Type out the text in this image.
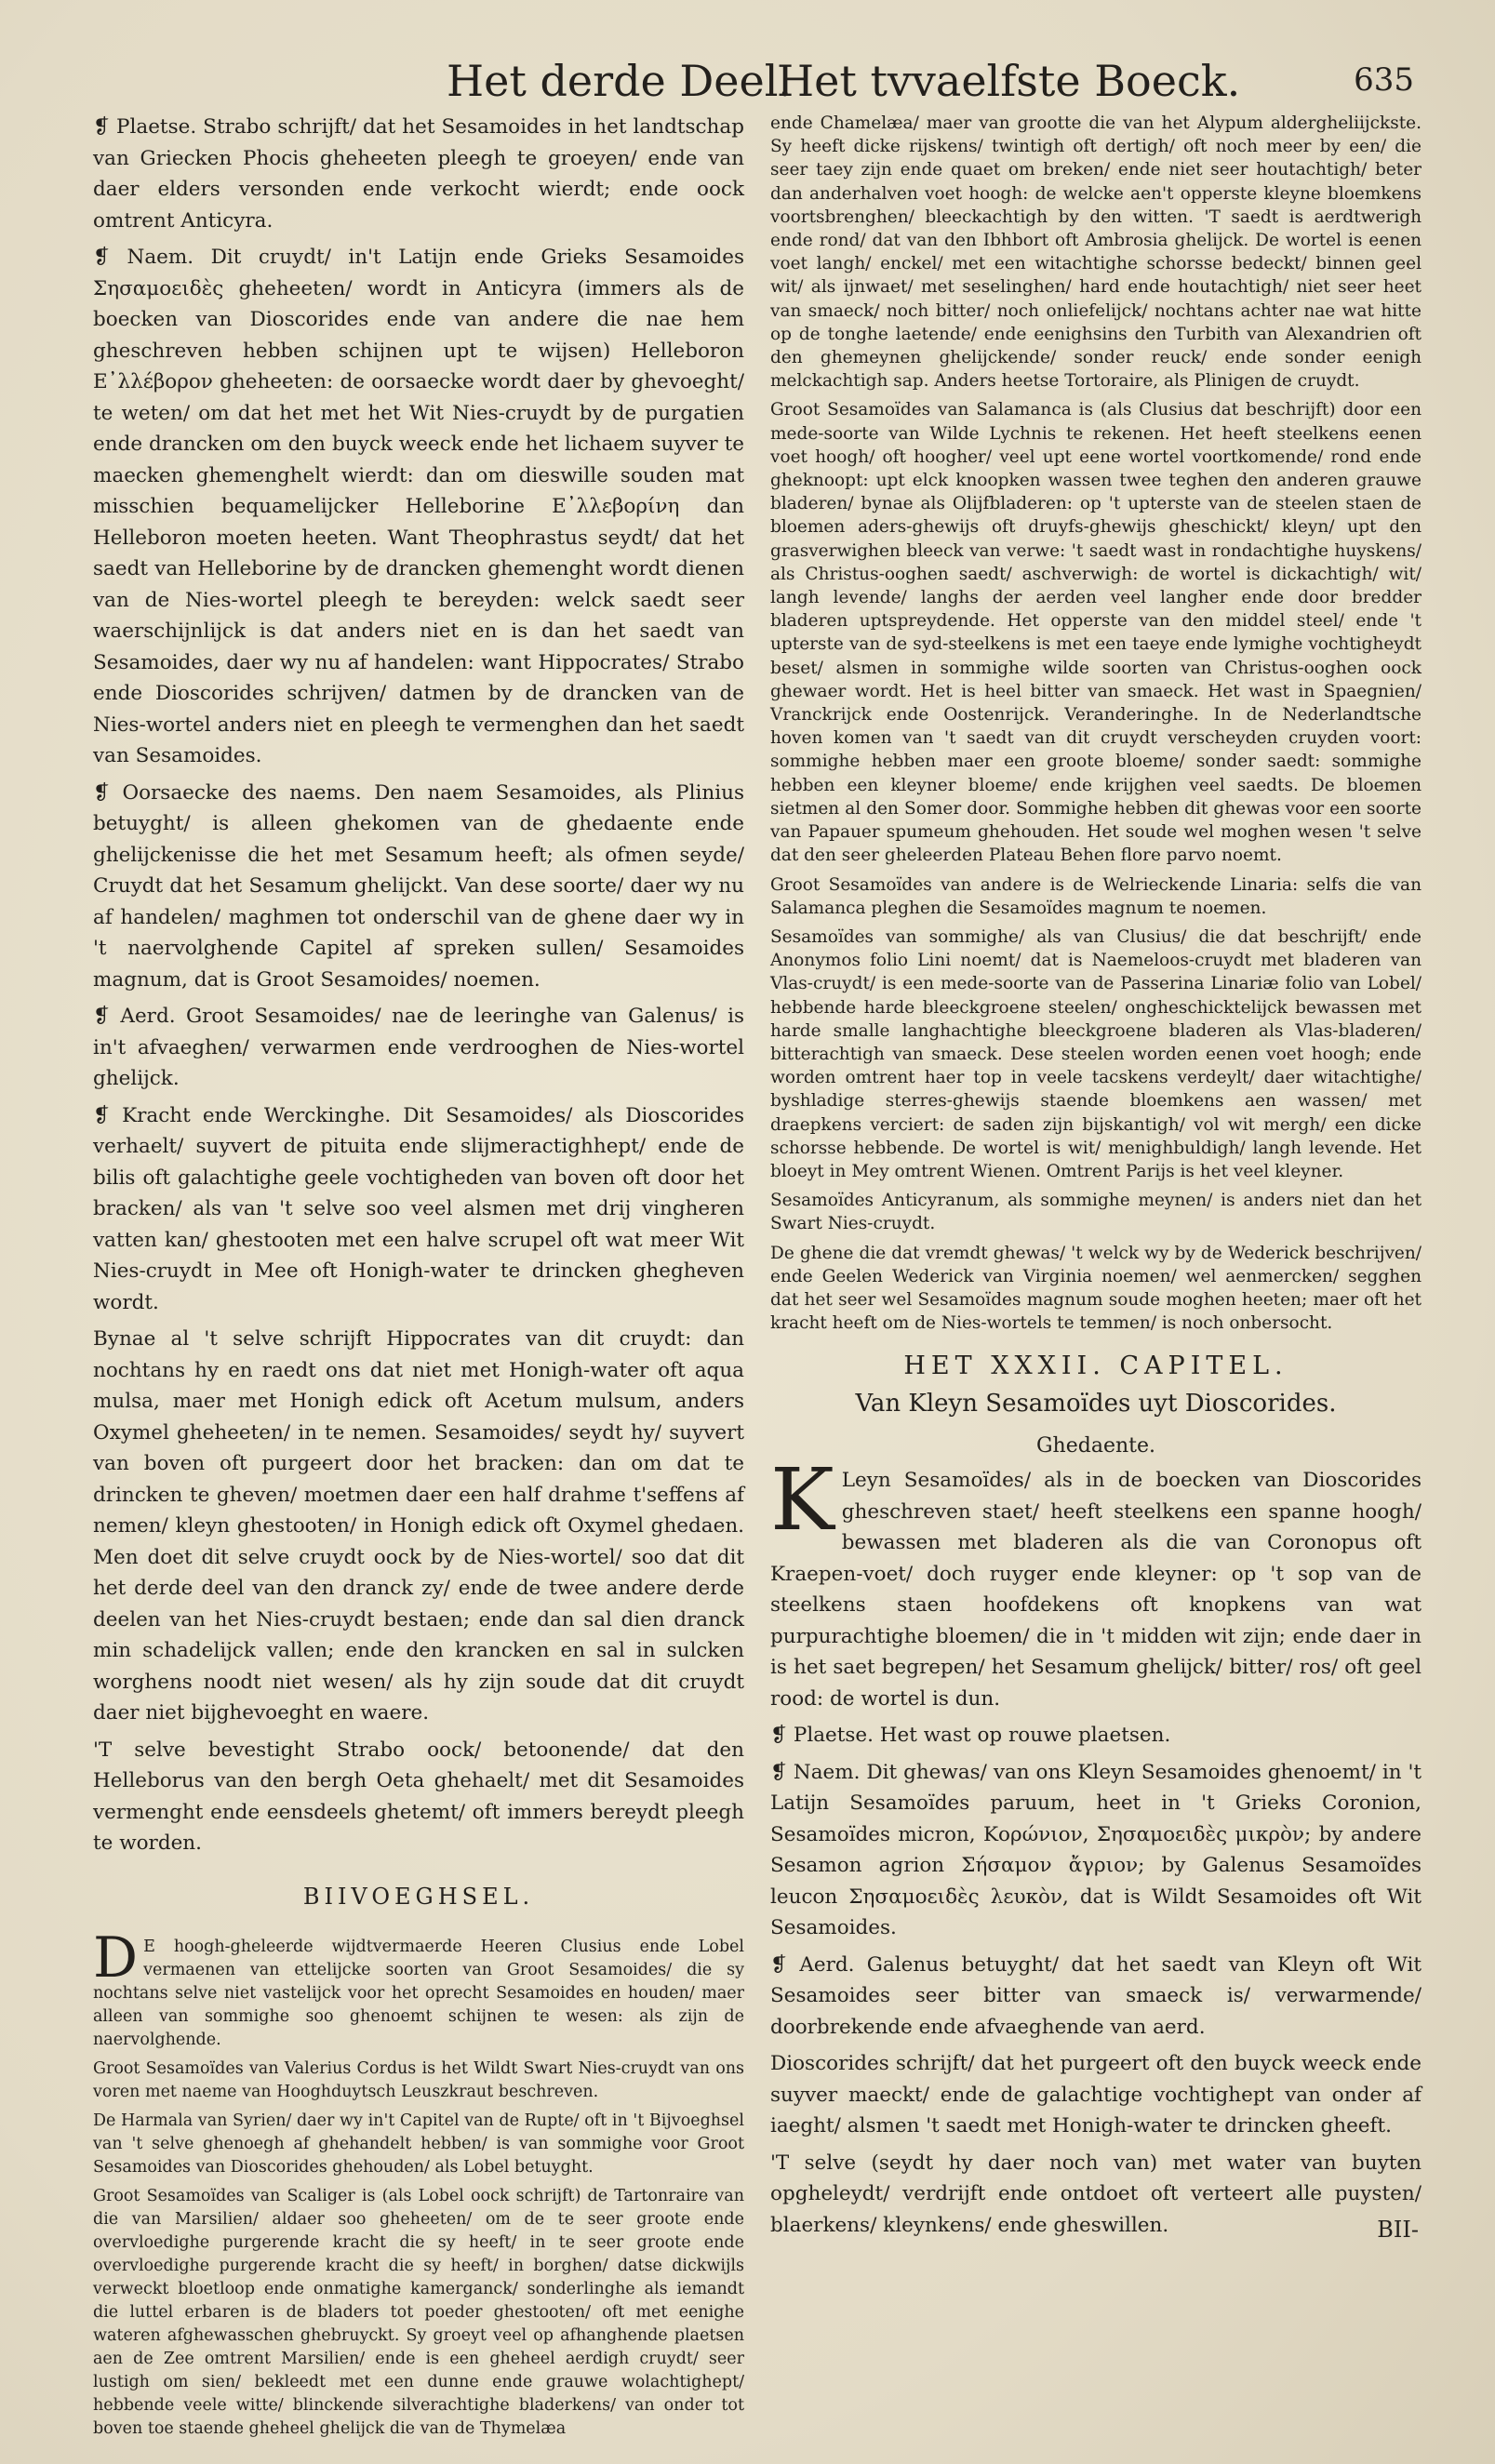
Het derde Deel.
Het tvvaelfste Boeck.	635

❡ Plaetse. Strabo schrijft/ dat het Sesamoides in het landtschap van Griecken Phocis gheheeten pleegh te groeyen/ ende van daer elders versonden ende verkocht wierdt; ende oock omtrent Anticyra.

❡ Naem. Dit cruydt/ in't Latijn ende Grieks Sesamoides Σησαμοειδὲς gheheeten/ wordt in Anticyra (immers als de boecken van Dioscorides ende van andere die nae hem gheschreven hebben schijnen upt te wijsen) Helleboron Ε᾽λλέβορον gheheeten: de oorsaecke wordt daer by ghevoeght/ te weten/ om dat het met het Wit Nies-cruydt by de purgatien ende drancken om den buyck weeck ende het lichaem suyver te maecken ghemenghelt wierdt: dan om dieswille souden mat misschien bequamelijcker Helleborine Ε᾽λλεβορίνη dan Helleboron moeten heeten. Want Theophrastus seydt/ dat het saedt van Helleborine by de drancken ghemenght wordt dienen van de Nies-wortel pleegh te bereyden: welck saedt seer waerschijnlijck is dat anders niet en is dan het saedt van Sesamoides, daer wy nu af handelen: want Hippocrates/ Strabo ende Dioscorides schrijven/ datmen by de drancken van de Nies-wortel anders niet en pleegh te vermenghen dan het saedt van Sesamoides.

❡ Oorsaecke des naems. Den naem Sesamoides, als Plinius betuyght/ is alleen ghekomen van de ghedaente ende ghelijckenisse die het met Sesamum heeft; als ofmen seyde/ Cruydt dat het Sesamum ghelijckt. Van dese soorte/ daer wy nu af handelen/ maghmen tot onderschil van de ghene daer wy in 't naervolghende Capitel af spreken sullen/ Sesamoides magnum, dat is Groot Sesamoides/ noemen.

❡ Aerd. Groot Sesamoides/ nae de leeringhe van Galenus/ is in't afvaeghen/ verwarmen ende verdrooghen de Nies-wortel ghelijck.

❡ Kracht ende Werckinghe. Dit Sesamoides/ als Dioscorides verhaelt/ suyvert de pituita ende slijmeractighhept/ ende de bilis oft galachtighe geele vochtigheden van boven oft door het bracken/ als van 't selve soo veel alsmen met drij vingheren vatten kan/ ghestooten met een halve scrupel oft wat meer Wit Nies-cruydt in Mee oft Honigh-water te drincken ghegheven wordt.

Bynae al 't selve schrijft Hippocrates van dit cruydt: dan nochtans hy en raedt ons dat niet met Honigh-water oft aqua mulsa, maer met Honigh edick oft Acetum mulsum, anders Oxymel gheheeten/ in te nemen. Sesamoides/ seydt hy/ suyvert van boven oft purgeert door het bracken: dan om dat te drincken te gheven/ moetmen daer een half drahme t'seffens af nemen/ kleyn ghestooten/ in Honigh edick oft Oxymel ghedaen. Men doet dit selve cruydt oock by de Nies-wortel/ soo dat dit het derde deel van den dranck zy/ ende de twee andere derde deelen van het Nies-cruydt bestaen; ende dan sal dien dranck min schadelijck vallen; ende den krancken en sal in sulcken worghens noodt niet wesen/ als hy zijn soude dat dit cruydt daer niet bijghevoeght en waere.

'T selve bevestight Strabo oock/ betoonende/ dat den Helleborus van den bergh Oeta ghehaelt/ met dit Sesamoides vermenght ende eensdeels ghetemt/ oft immers bereydt pleegh te worden.

BIIVOEGHSEL.

D E hoogh-gheleerde wijdtvermaerde Heeren Clusius ende Lobel vermaenen van ettelijcke soorten van Groot Sesamoides/ die sy nochtans selve niet vastelijck voor het oprecht Sesamoides en houden/ maer alleen van sommighe soo ghenoemt schijnen te wesen: als zijn de naervolghende.

Groot Sesamoïdes van Valerius Cordus is het Wildt Swart Nies-cruydt van ons voren met naeme van Hooghduytsch Leuszkraut beschreven.

De Harmala van Syrien/ daer wy in't Capitel van de Rupte/ oft in 't Bijvoeghsel van 't selve ghenoegh af ghehandelt hebben/ is van sommighe voor Groot Sesamoides van Dioscorides ghehouden/ als Lobel betuyght.

Groot Sesamoïdes van Scaliger is (als Lobel oock schrijft) de Tartonraire van die van Marsilien/ aldaer soo gheheeten/ om de te seer groote ende overvloedighe purgerende kracht die sy heeft/ in te seer groote ende overvloedighe purgerende kracht die sy heeft/ in borghen/ datse dickwijls verweckt bloetloop ende onmatighe kamerganck/ sonderlinghe als iemandt die luttel erbaren is de bladers tot poeder ghestooten/ oft met eenighe wateren afghewasschen ghebruyckt. Sy groeyt veel op afhanghende plaetsen aen de Zee omtrent Marsilien/ ende is een gheheel aerdigh cruydt/ seer lustigh om sien/ bekleedt met een dunne ende grauwe wolachtighept/ hebbende veele witte/ blinckende silverachtighe bladerkens/ van onder tot boven toe staende gheheel ghelijck die van de Thymelæa

ende Chamelæa/ maer van grootte die van het Alypum aldergheliijckste. Sy heeft dicke rijskens/ twintigh oft dertigh/ oft noch meer by een/ die seer taey zijn ende quaet om breken/ ende niet seer houtachtigh/ beter dan anderhalven voet hoogh: de welcke aen't opperste kleyne bloemkens voortsbrenghen/ bleeckachtigh by den witten. 'T saedt is aerdtwerigh ende rond/ dat van den Ibhbort oft Ambrosia ghelijck. De wortel is eenen voet langh/ enckel/ met een witachtighe schorsse bedeckt/ binnen geel wit/ als ijnwaet/ met seselinghen/ hard ende houtachtigh/ niet seer heet van smaeck/ noch bitter/ noch onliefelijck/ nochtans achter nae wat hitte op de tonghe laetende/ ende eenighsins den Turbith van Alexandrien oft den ghemeynen ghelijckende/ sonder reuck/ ende sonder eenigh melckachtigh sap. Anders heetse Tortoraire, als Plinigen de cruydt.

Groot Sesamoïdes van Salamanca is (als Clusius dat beschrijft) door een mede-soorte van Wilde Lychnis te rekenen. Het heeft steelkens eenen voet hoogh/ oft hoogher/ veel upt eene wortel voortkomende/ rond ende gheknoopt: upt elck knoopken wassen twee teghen den anderen grauwe bladeren/ bynae als Olijfbladeren: op 't upterste van de steelen staen de bloemen aders-ghewijs oft druyfs-ghewijs gheschickt/ kleyn/ upt den grasverwighen bleeck van verwe: 't saedt wast in rondachtighe huyskens/ als Christus-ooghen saedt/ aschverwigh: de wortel is dickachtigh/ wit/ langh levende/ langhs der aerden veel langher ende door bredder bladeren uptspreydende. Het opperste van den middel steel/ ende 't upterste van de syd-steelkens is met een taeye ende lymighe vochtigheydt beset/ alsmen in sommighe wilde soorten van Christus-ooghen oock ghewaer wordt. Het is heel bitter van smaeck. Het wast in Spaegnien/ Vranckrijck ende Oostenrijck. Veranderinghe. In de Nederlandtsche hoven komen van 't saedt van dit cruydt verscheyden cruyden voort: sommighe hebben maer een groote bloeme/ sonder saedt: sommighe hebben een kleyner bloeme/ ende krijghen veel saedts. De bloemen sietmen al den Somer door. Sommighe hebben dit ghewas voor een soorte van Papauer spumeum ghehouden. Het soude wel moghen wesen 't selve dat den seer gheleerden Plateau Behen flore parvo noemt.

Groot Sesamoïdes van andere is de Welrieckende Linaria: selfs die van Salamanca pleghen die Sesamoïdes magnum te noemen.

Sesamoïdes van sommighe/ als van Clusius/ die dat beschrijft/ ende Anonymos folio Lini noemt/ dat is Naemeloos-cruydt met bladeren van Vlas-cruydt/ is een mede-soorte van de Passerina Linariæ folio van Lobel/ hebbende harde bleeckgroene steelen/ ongheschicktelijck bewassen met harde smalle langhachtighe bleeckgroene bladeren als Vlas-bladeren/ bitterachtigh van smaeck. Dese steelen worden eenen voet hoogh; ende worden omtrent haer top in veele tacskens verdeylt/ daer witachtighe/ byshladige sterres-ghewijs staende bloemkens aen wassen/ met draepkens verciert: de saden zijn bijskantigh/ vol wit mergh/ een dicke schorsse hebbende. De wortel is wit/ menighbuldigh/ langh levende. Het bloeyt in Mey omtrent Wienen. Omtrent Parijs is het veel kleyner.

Sesamoïdes Anticyranum, als sommighe meynen/ is anders niet dan het Swart Nies-cruydt.

De ghene die dat vremdt ghewas/ 't welck wy by de Wederick beschrijven/ ende Geelen Wederick van Virginia noemen/ wel aenmercken/ segghen dat het seer wel Sesamoïdes magnum soude moghen heeten; maer oft het kracht heeft om de Nies-wortels te temmen/ is noch onbersocht.

HET XXXII. CAPITEL.
Van Kleyn Sesamoïdes uyt Dioscorides.
Ghedaente.

K Leyn Sesamoïdes/ als in de boecken van Dioscorides gheschreven staet/ heeft steelkens een spanne hoogh/ bewassen met bladeren als die van Coronopus oft Kraepen-voet/ doch ruyger ende kleyner: op 't sop van de steelkens staen hoofdekens oft knopkens van wat purpurachtighe bloemen/ die in 't midden wit zijn; ende daer in is het saet begrepen/ het Sesamum ghelijck/ bitter/ ros/ oft geel rood: de wortel is dun.

❡ Plaetse. Het wast op rouwe plaetsen.

❡ Naem. Dit ghewas/ van ons Kleyn Sesamoides ghenoemt/ in 't Latijn Sesamoïdes paruum, heet in 't Grieks Coronion, Sesamoïdes micron, Κορώνιον, Σησαμοειδὲς μικρὸν; by andere Sesamon agrion Σήσαμον ἄγριον; by Galenus Sesamoïdes leucon Σησαμοειδὲς λευκὸν, dat is Wildt Sesamoides oft Wit Sesamoides.

❡ Aerd. Galenus betuyght/ dat het saedt van Kleyn oft Wit Sesamoides seer bitter van smaeck is/ verwarmende/ doorbrekende ende afvaeghende van aerd.

Dioscorides schrijft/ dat het purgeert oft den buyck weeck ende suyver maeckt/ ende de galachtige vochtighept van onder af iaeght/ alsmen 't saedt met Honigh-water te drincken gheeft.

'T selve (seydt hy daer noch van) met water van buyten opgheleydt/ verdrijft ende ontdoet oft verteert alle puysten/ blaerkens/ kleynkens/ ende gheswillen.	BII-
